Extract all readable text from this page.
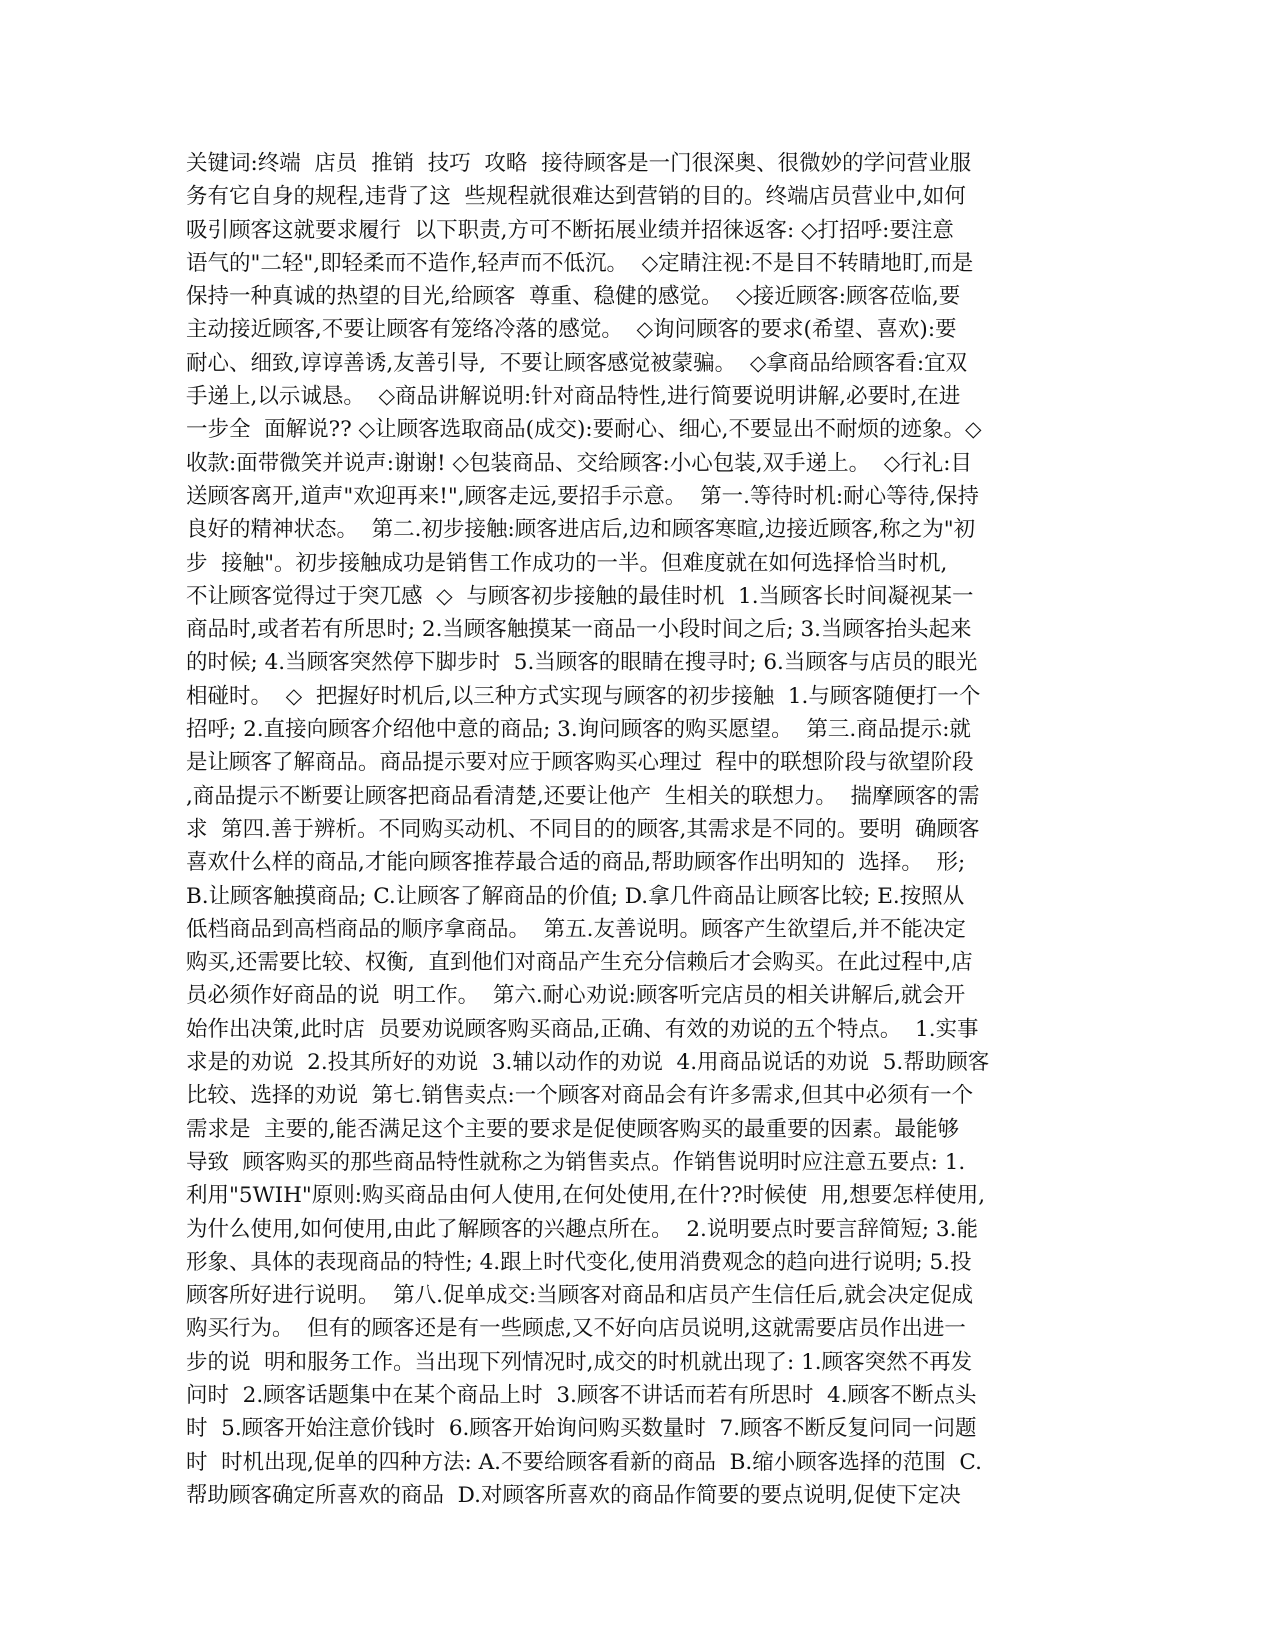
关键词:终端  店员  推销  技巧  攻略  接待顾客是一门很深奥、很微妙的学问营业服
务有它自身的规程,违背了这  些规程就很难达到营销的目的。终端店员营业中,如何
吸引顾客这就要求履行  以下职责,方可不断拓展业绩并招徕返客: ◇打招呼:要注意
语气的"二轻",即轻柔而不造作,轻声而不低沉。  ◇定睛注视:不是目不转睛地盯,而是
保持一种真诚的热望的目光,给顾客  尊重、稳健的感觉。  ◇接近顾客:顾客莅临,要
主动接近顾客,不要让顾客有笼络冷落的感觉。  ◇询问顾客的要求(希望、喜欢):要
耐心、细致,谆谆善诱,友善引导,  不要让顾客感觉被蒙骗。  ◇拿商品给顾客看:宜双
手递上,以示诚恳。  ◇商品讲解说明:针对商品特性,进行简要说明讲解,必要时,在进
一步全  面解说?? ◇让顾客选取商品(成交):要耐心、细心,不要显出不耐烦的迹象。◇
收款:面带微笑并说声:谢谢! ◇包装商品、交给顾客:小心包装,双手递上。  ◇行礼:目
送顾客离开,道声"欢迎再来!",顾客走远,要招手示意。  第一.等待时机:耐心等待,保持
良好的精神状态。  第二.初步接触:顾客进店后,边和顾客寒暄,边接近顾客,称之为"初
步  接触"。初步接触成功是销售工作成功的一半。但难度就在如何选择恰当时机,
不让顾客觉得过于突兀感  ◇  与顾客初步接触的最佳时机  1.当顾客长时间凝视某一
商品时,或者若有所思时; 2.当顾客触摸某一商品一小段时间之后; 3.当顾客抬头起来
的时候; 4.当顾客突然停下脚步时  5.当顾客的眼睛在搜寻时; 6.当顾客与店员的眼光
相碰时。  ◇  把握好时机后,以三种方式实现与顾客的初步接触  1.与顾客随便打一个
招呼; 2.直接向顾客介绍他中意的商品; 3.询问顾客的购买愿望。  第三.商品提示:就
是让顾客了解商品。商品提示要对应于顾客购买心理过  程中的联想阶段与欲望阶段
,商品提示不断要让顾客把商品看清楚,还要让他产  生相关的联想力。  揣摩顾客的需
求  第四.善于辨析。不同购买动机、不同目的的顾客,其需求是不同的。要明  确顾客
喜欢什么样的商品,才能向顾客推荐最合适的商品,帮助顾客作出明知的  选择。  形;
B.让顾客触摸商品; C.让顾客了解商品的价值; D.拿几件商品让顾客比较; E.按照从
低档商品到高档商品的顺序拿商品。  第五.友善说明。顾客产生欲望后,并不能决定
购买,还需要比较、权衡,  直到他们对商品产生充分信赖后才会购买。在此过程中,店
员必须作好商品的说  明工作。  第六.耐心劝说:顾客听完店员的相关讲解后,就会开
始作出决策,此时店  员要劝说顾客购买商品,正确、有效的劝说的五个特点。  1.实事
求是的劝说  2.投其所好的劝说  3.辅以动作的劝说  4.用商品说话的劝说  5.帮助顾客
比较、选择的劝说  第七.销售卖点:一个顾客对商品会有许多需求,但其中必须有一个
需求是  主要的,能否满足这个主要的要求是促使顾客购买的最重要的因素。最能够
导致  顾客购买的那些商品特性就称之为销售卖点。作销售说明时应注意五要点: 1.
利用"5WIH"原则:购买商品由何人使用,在何处使用,在什??时候使  用,想要怎样使用,
为什么使用,如何使用,由此了解顾客的兴趣点所在。  2.说明要点时要言辞简短; 3.能
形象、具体的表现商品的特性; 4.跟上时代变化,使用消费观念的趋向进行说明; 5.投
顾客所好进行说明。  第八.促单成交:当顾客对商品和店员产生信任后,就会决定促成
购买行为。  但有的顾客还是有一些顾虑,又不好向店员说明,这就需要店员作出进一
步的说  明和服务工作。当出现下列情况时,成交的时机就出现了: 1.顾客突然不再发
问时  2.顾客话题集中在某个商品上时  3.顾客不讲话而若有所思时  4.顾客不断点头
时  5.顾客开始注意价钱时  6.顾客开始询问购买数量时  7.顾客不断反复问同一问题
时  时机出现,促单的四种方法: A.不要给顾客看新的商品  B.缩小顾客选择的范围  C.
帮助顾客确定所喜欢的商品  D.对顾客所喜欢的商品作简要的要点说明,促使下定决
